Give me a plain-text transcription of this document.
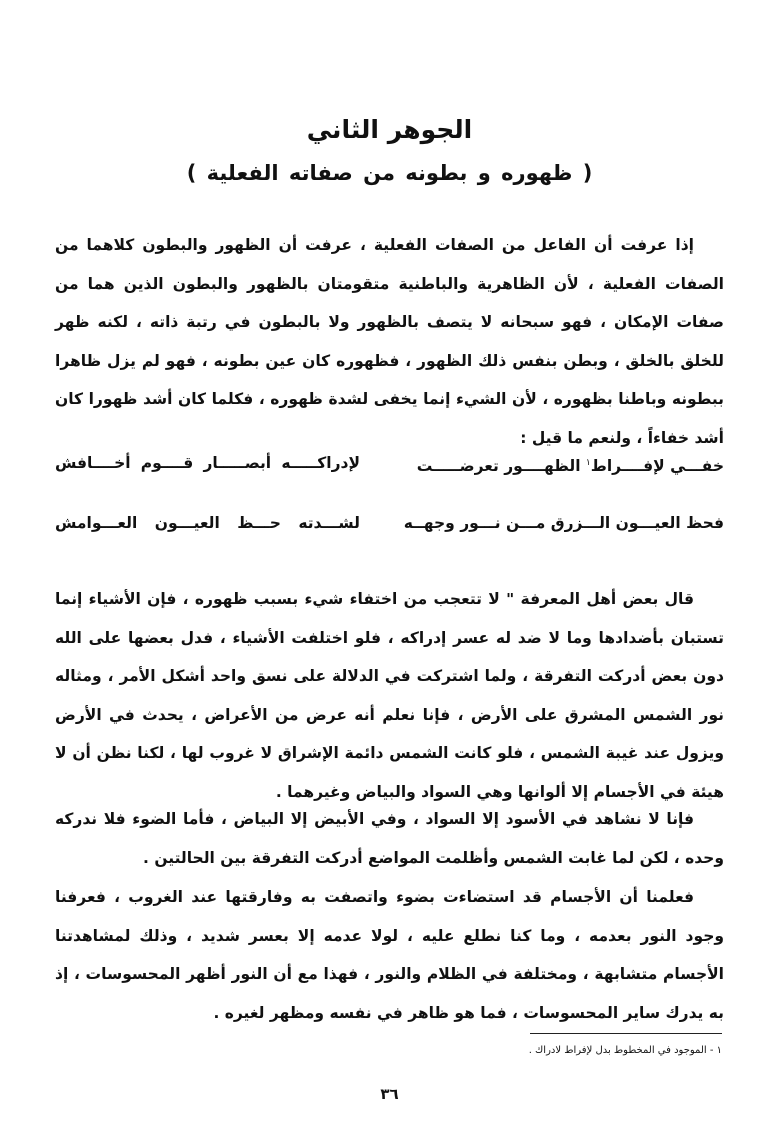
الجوهر الثاني
( ظهوره و بطونه من صفاته الفعلية )

إذا عرفت أن الفاعل من الصفات الفعلية ، عرفت أن الظهور والبطون كلاهما من الصفات الفعلية ، لأن الظاهرية والباطنية متقومتان بالظهور والبطون الذين هما من صفات الإمكان ، فهو سبحانه لا يتصف بالظهور ولا بالبطون في رتبة ذاته ، لكنه ظهر للخلق بالخلق ، وبطن بنفس ذلك الظهور ، فظهوره كان عين بطونه ، فهو لم يزل ظاهرا ببطونه وباطنا بظهوره ، لأن الشيء إنما يخفى لشدة ظهوره ، فكلما كان أشد ظهورا كان أشد خفاءاً ، ولنعم ما قيل :

خفـــي لإفــــراط$^١$ الظهــــور تعرضـــــت
لإدراكـــــه أبصـــــار قــــوم أخــــافش
فحظ العيـــون الـــزرق مـــن نـــور وجهــه
لشـــدته حـــظ العيـــون العـــوامش

قال بعض أهل المعرفة " لا تتعجب من اختفاء شيء بسبب ظهوره ، فإن الأشياء إنما تستبان بأضدادها وما لا ضد له عسر إدراكه ، فلو اختلفت الأشياء ، فدل بعضها على الله دون بعض أدركت التفرقة ، ولما اشتركت في الدلالة على نسق واحد أشكل الأمر ، ومثاله نور الشمس المشرق على الأرض ، فإنا نعلم أنه عرض من الأعراض ، يحدث في الأرض ويزول عند غيبة الشمس ، فلو كانت الشمس دائمة الإشراق لا غروب لها ، لكنا نظن أن لا هيئة في الأجسام إلا ألوانها وهي السواد والبياض وغيرهما .

فإنا لا نشاهد في الأسود إلا السواد ، وفي الأبيض إلا البياض ، فأما الضوء فلا ندركه وحده ، لكن لما غابت الشمس وأظلمت المواضع أدركت التفرقة بين الحالتين .

فعلمنا أن الأجسام قد استضاءت بضوء واتصفت به وفارقتها عند الغروب ، فعرفنا وجود النور بعدمه ، وما كنا نطلع عليه ، لولا عدمه إلا بعسر شديد ، وذلك لمشاهدتنا الأجسام متشابهة ، ومختلفة في الظلام والنور ، فهذا مع أن النور أظهر المحسوسات ، إذ به يدرك ساير المحسوسات ، فما هو ظاهر في نفسه ومظهر لغيره .

١ - الموجود في المخطوط بدل لإفراط لادراك .
٣٦
